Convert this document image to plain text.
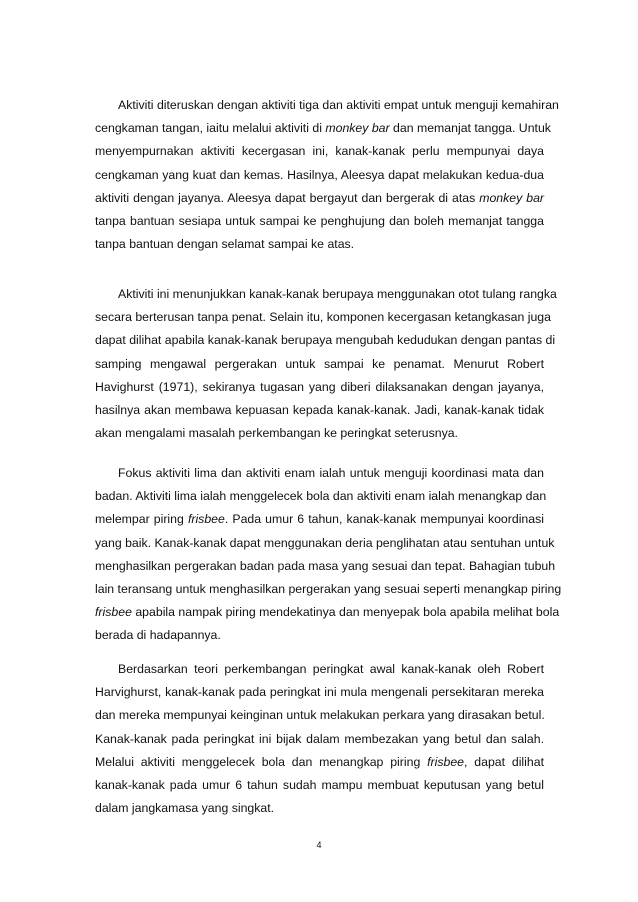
Aktiviti diteruskan dengan aktiviti tiga dan aktiviti empat untuk menguji kemahiran
cengkaman tangan, iaitu melalui aktiviti di monkey bar dan memanjat tangga. Untuk
menyempurnakan aktiviti kecergasan ini, kanak-kanak perlu mempunyai daya
cengkaman yang kuat dan kemas. Hasilnya, Aleesya dapat melakukan kedua-dua
aktiviti dengan jayanya. Aleesya dapat bergayut dan bergerak di atas monkey bar
tanpa bantuan sesiapa untuk sampai ke penghujung dan boleh memanjat tangga
tanpa bantuan dengan selamat sampai ke atas.
Aktiviti ini menunjukkan kanak-kanak berupaya menggunakan otot tulang rangka
secara berterusan tanpa penat. Selain itu, komponen kecergasan ketangkasan juga
dapat dilihat apabila kanak-kanak berupaya mengubah kedudukan dengan pantas di
samping mengawal pergerakan untuk sampai ke penamat. Menurut Robert
Havighurst (1971), sekiranya tugasan yang diberi dilaksanakan dengan jayanya,
hasilnya akan membawa kepuasan kepada kanak-kanak. Jadi, kanak-kanak tidak
akan mengalami masalah perkembangan ke peringkat seterusnya.
Fokus aktiviti lima dan aktiviti enam ialah untuk menguji koordinasi mata dan
badan. Aktiviti lima ialah menggelecek bola dan aktiviti enam ialah menangkap dan
melempar piring frisbee. Pada umur 6 tahun, kanak-kanak mempunyai koordinasi
yang baik. Kanak-kanak dapat menggunakan deria penglihatan atau sentuhan untuk
menghasilkan pergerakan badan pada masa yang sesuai dan tepat. Bahagian tubuh
lain teransang untuk menghasilkan pergerakan yang sesuai seperti menangkap piring
frisbee apabila nampak piring mendekatinya dan menyepak bola apabila melihat bola
berada di hadapannya.
Berdasarkan teori perkembangan peringkat awal kanak-kanak oleh Robert
Harvighurst, kanak-kanak pada peringkat ini mula mengenali persekitaran mereka
dan mereka mempunyai keinginan untuk melakukan perkara yang dirasakan betul.
Kanak-kanak pada peringkat ini bijak dalam membezakan yang betul dan salah.
Melalui aktiviti menggelecek bola dan menangkap piring frisbee, dapat dilihat
kanak-kanak pada umur 6 tahun sudah mampu membuat keputusan yang betul
dalam jangkamasa yang singkat.
4
